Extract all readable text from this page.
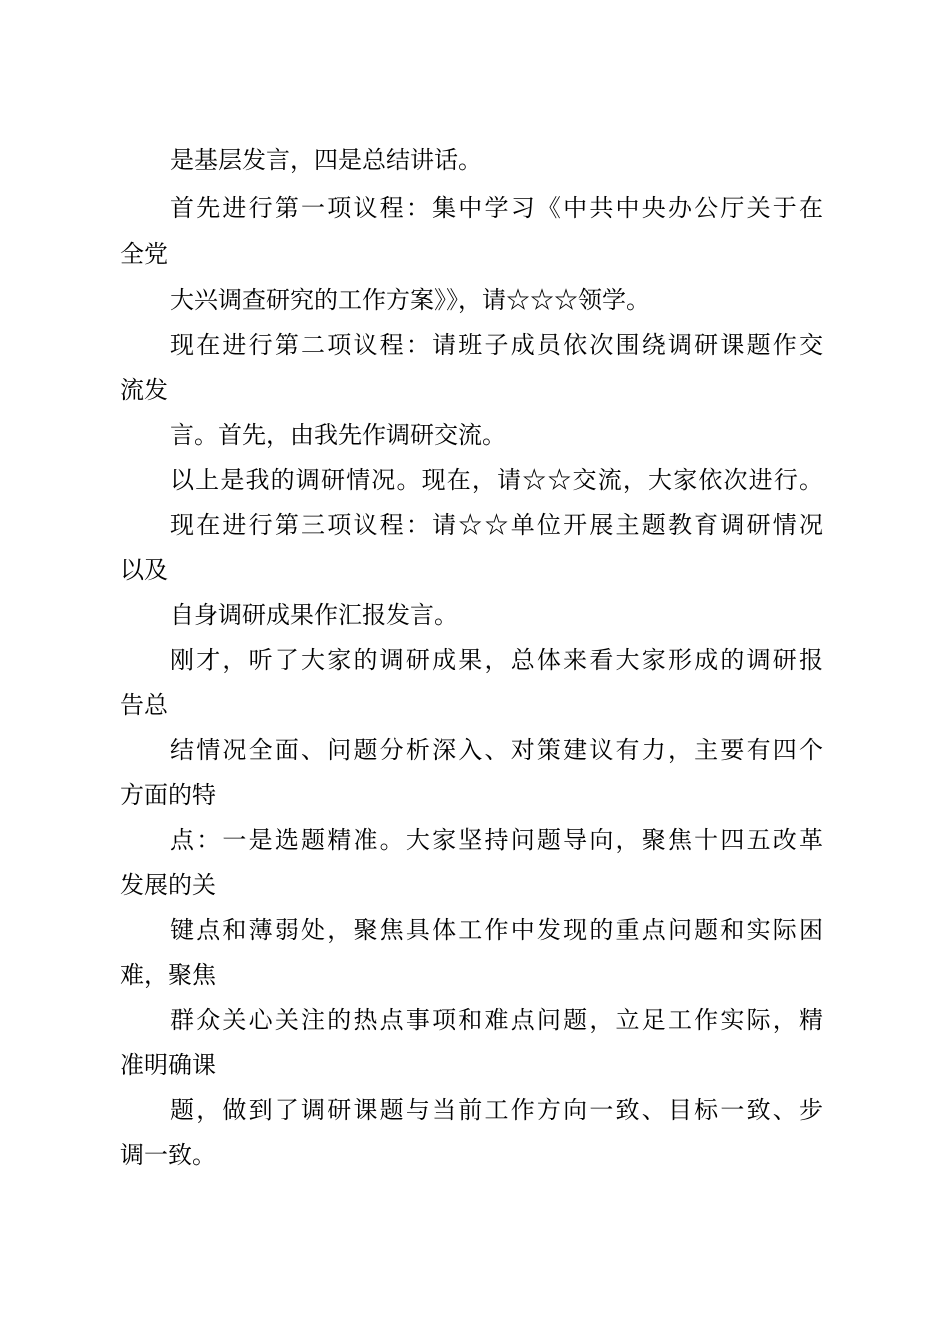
是基层发言，四是总结讲话。

首先进行第一项议程：集中学习《中共中央办公厅关于在

全党

大兴调查研究的工作方案》》，请☆☆☆领学。

现在进行第二项议程：请班子成员依次围绕调研课题作交

流发

言。首先，由我先作调研交流。

以上是我的调研情况。现在，请☆☆交流，大家依次进行。

现在进行第三项议程：请☆☆单位开展主题教育调研情况

以及

自身调研成果作汇报发言。

刚才，听了大家的调研成果，总体来看大家形成的调研报

告总

结情况全面、问题分析深入、对策建议有力，主要有四个

方面的特

点：一是选题精准。大家坚持问题导向，聚焦十四五改革

发展的关

键点和薄弱处，聚焦具体工作中发现的重点问题和实际困

难，聚焦

群众关心关注的热点事项和难点问题，立足工作实际，精

准明确课

题，做到了调研课题与当前工作方向一致、目标一致、步

调一致。
